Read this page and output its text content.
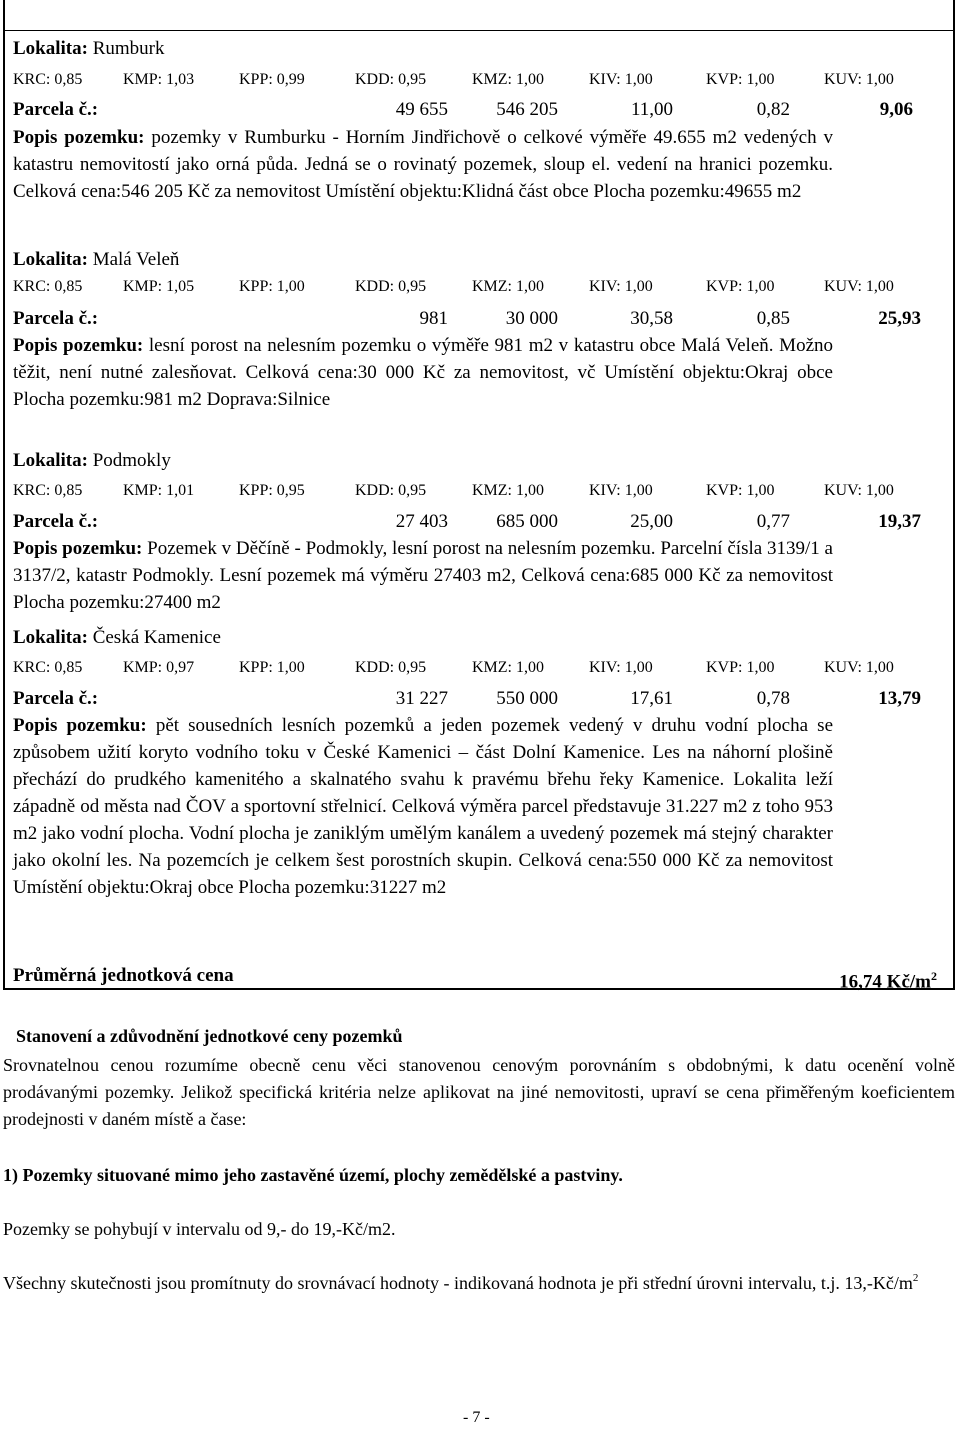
Lokalita: Rumburk
KRC: 0,85	KMP: 1,03	KPP: 0,99	KDD: 0,95	KMZ: 1,00	KIV: 1,00	KVP: 1,00	KUV: 1,00
Parcela č.:	49 655	546 205	11,00	0,82	9,06
Popis pozemku: pozemky v Rumburku - Horním Jindřichově o celkové výměře 49.655 m2 vedených v katastru nemovitostí jako orná půda. Jedná se o rovinatý pozemek, sloup el. vedení na hranici pozemku. Celková cena:546 205 Kč za nemovitost Umístění objektu:Klidná část obce Plocha pozemku:49655 m2
Lokalita: Malá Veleň
KRC: 0,85	KMP: 1,05	KPP: 1,00	KDD: 0,95	KMZ: 1,00	KIV: 1,00	KVP: 1,00	KUV: 1,00
Parcela č.:	981	30 000	30,58	0,85	25,93
Popis pozemku: lesní porost na nelesním pozemku o výměře 981 m2 v katastru obce Malá Veleň. Možno těžit, není nutné zalesňovat. Celková cena:30 000 Kč za nemovitost, vč Umístění objektu:Okraj obce Plocha pozemku:981 m2 Doprava:Silnice
Lokalita: Podmokly
KRC: 0,85	KMP: 1,01	KPP: 0,95	KDD: 0,95	KMZ: 1,00	KIV: 1,00	KVP: 1,00	KUV: 1,00
Parcela č.:	27 403	685 000	25,00	0,77	19,37
Popis pozemku: Pozemek v Děčíně - Podmokly, lesní porost na nelesním pozemku. Parcelní čísla 3139/1 a 3137/2, katastr Podmokly. Lesní pozemek má výměru 27403 m2, Celková cena:685 000 Kč za nemovitost Plocha pozemku:27400 m2
Lokalita: Česká Kamenice
KRC: 0,85	KMP: 0,97	KPP: 1,00	KDD: 0,95	KMZ: 1,00	KIV: 1,00	KVP: 1,00	KUV: 1,00
Parcela č.:	31 227	550 000	17,61	0,78	13,79
Popis pozemku: pět sousedních lesních pozemků a jeden pozemek vedený v druhu vodní plocha se způsobem užití koryto vodního toku v České Kamenici – část Dolní Kamenice. Les na náhorní plošině přechází do prudkého kamenitého a skalnatého svahu k pravému břehu řeky Kamenice. Lokalita leží západně od města nad ČOV a sportovní střelnicí. Celková výměra parcel představuje 31.227 m2 z toho 953 m2 jako vodní plocha. Vodní plocha je zaniklým umělým kanálem a uvedený pozemek má stejný charakter jako okolní les. Na pozemcích je celkem šest porostních skupin. Celková cena:550 000 Kč za nemovitost Umístění objektu:Okraj obce Plocha pozemku:31227 m2
Průměrná jednotková cena	16,74 $Kč/m^2$
Stanovení a zdůvodnění jednotkové ceny pozemků
Srovnatelnou cenou rozumíme obecně cenu věci stanovenou cenovým porovnáním s obdobnými, k datu ocenění volně prodávanými pozemky. Jelikož specifická kritéria nelze aplikovat na jiné nemovitosti, upraví se cena přiměřeným koeficientem prodejnosti v daném místě a čase:
1) Pozemky situované mimo jeho zastavěné území, plochy zemědělské a pastviny.
Pozemky se pohybují v intervalu od 9,- do 19,-Kč/m2.
Všechny skutečnosti jsou promítnuty do srovnávací hodnoty - indikovaná hodnota je při střední úrovni intervalu, t.j. $13,-Kč/m^2$
- 7 -
